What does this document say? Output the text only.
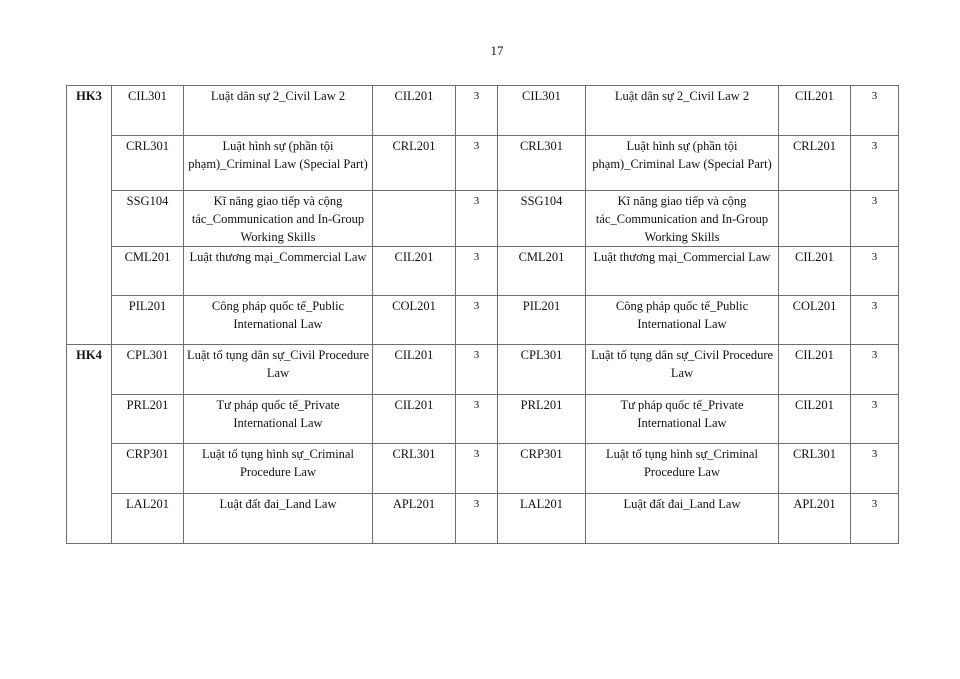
17
HK3	CIL301	Luật dân sự 2_Civil Law 2	CIL201	3	CIL301	Luật dân sự 2_Civil Law 2	CIL201	3
	CRL301	Luật hình sự (phần tội phạm)_Criminal Law (Special Part)	CRL201	3	CRL301	Luật hình sự (phần tội phạm)_Criminal Law (Special Part)	CRL201	3
	SSG104	Kĩ năng giao tiếp và cộng tác_Communication and In-Group Working Skills		3	SSG104	Kĩ năng giao tiếp và cộng tác_Communication and In-Group Working Skills		3
	CML201	Luật thương mại_Commercial Law	CIL201	3	CML201	Luật thương mại_Commercial Law	CIL201	3
	PIL201	Công pháp quốc tế_Public International Law	COL201	3	PIL201	Công pháp quốc tế_Public International Law	COL201	3
HK4	CPL301	Luật tố tụng dân sự_Civil Procedure Law	CIL201	3	CPL301	Luật tố tụng dân sự_Civil Procedure Law	CIL201	3
	PRL201	Tư pháp quốc tế_Private International Law	CIL201	3	PRL201	Tư pháp quốc tế_Private International Law	CIL201	3
	CRP301	Luật tố tụng hình sự_Criminal Procedure Law	CRL301	3	CRP301	Luật tố tụng hình sự_Criminal Procedure Law	CRL301	3
	LAL201	Luật đất đai_Land Law	APL201	3	LAL201	Luật đất đai_Land Law	APL201	3
